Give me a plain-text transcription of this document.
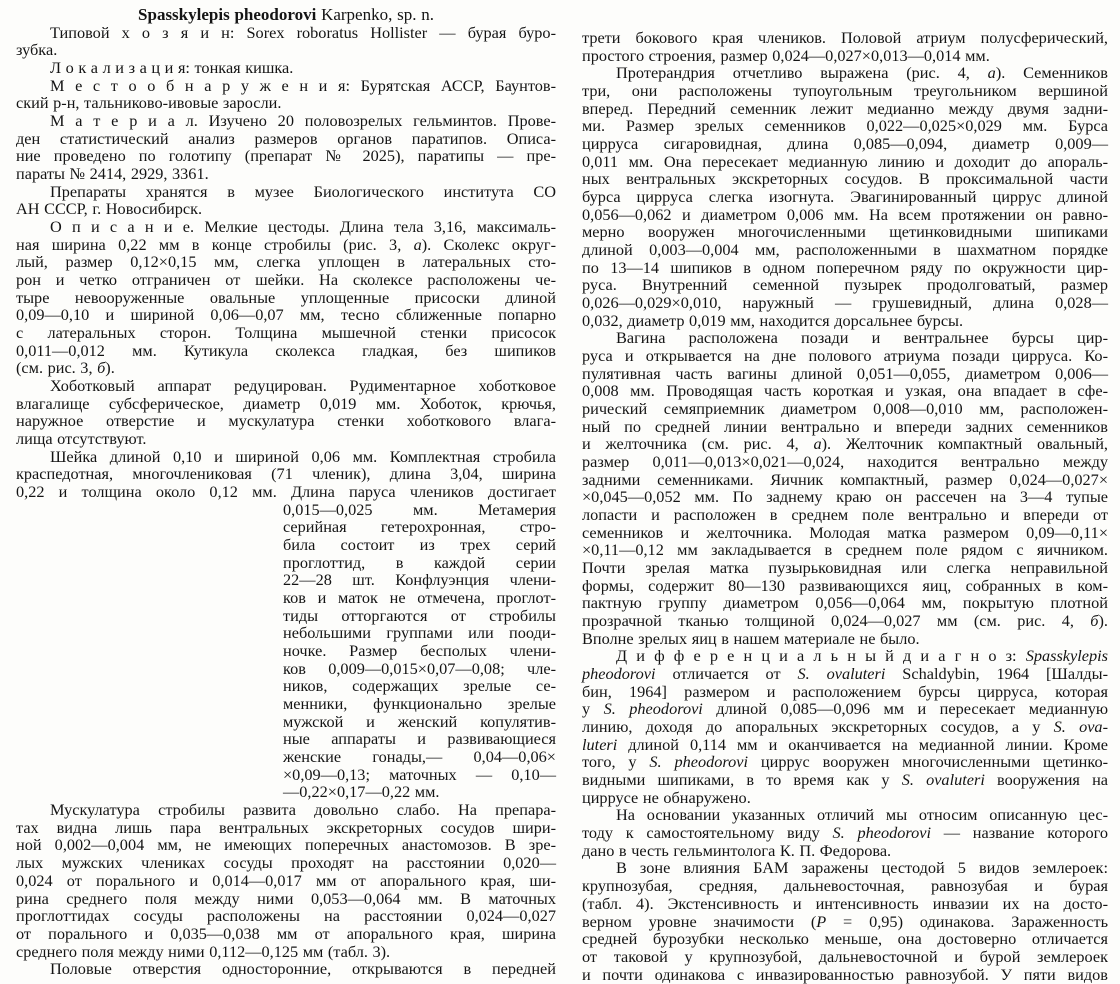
Spasskylepis pheodorovi Karpenko, sp. n.
Типовой х о з я и н: Sorex roboratus Hollister — бурая буро-
зубка.
Л о к а л и з а ц и я: тонкая кишка.
М е с т о о б н а р у ж е н и я: Бурятская АССР, Баунтов-
ский р-н, тальниково-ивовые заросли.
М а т е р и а л. Изучено 20 половозрелых гельминтов. Прове-
ден статистический анализ размеров органов паратипов. Описа-
ние проведено по голотипу (препарат № 2025), паратипы — пре-
параты № 2414, 2929, 3361.
Препараты хранятся в музее Биологического института СО
АН СССР, г. Новосибирск.
О п и с а н и е. Мелкие цестоды. Длина тела 3,16, максималь-
ная ширина 0,22 мм в конце стробилы (рис. 3, а). Сколекс округ-
лый, размер 0,12×0,15 мм, слегка уплощен в латеральных сто-
рон и четко отграничен от шейки. На сколексе расположены че-
тыре невооруженные овальные уплощенные присоски длиной
0,09—0,10 и шириной 0,06—0,07 мм, тесно сближенные попарно
с латеральных сторон. Толщина мышечной стенки присосок
0,011—0,012 мм. Кутикула сколекса гладкая, без шипиков
(см. рис. 3, б).
Хоботковый аппарат редуцирован. Рудиментарное хоботковое
влагалище субсферическое, диаметр 0,019 мм. Хоботок, крючья,
наружное отверстие и мускулатура стенки хоботкового влага-
лища отсутствуют.
Шейка длиной 0,10 и шириной 0,06 мм. Комплектная стробила
краспедотная, многочлениковая (71 членик), длина 3,04, ширина
0,22 и толщина около 0,12 мм. Длина паруса члеников достигает
0,015—0,025 мм. Метамерия
серийная гетерохронная, стро-
била состоит из трех серий
проглоттид, в каждой серии
22—28 шт. Конфлуэнция члени-
ков и маток не отмечена, проглот-
тиды отторгаются от стробилы
небольшими группами или пооди-
ночке. Размер бесполых члени-
ков 0,009—0,015×0,07—0,08; чле-
ников, содержащих зрелые се-
менники, функционально зрелые
мужской и женский копулятив-
ные аппараты и развивающиеся
женские гонады,— 0,04—0,06×
×0,09—0,13; маточных — 0,10—
—0,22×0,17—0,22 мм.
Мускулатура стробилы развита довольно слабо. На препара-
тах видна лишь пара вентральных экскреторных сосудов шири-
ной 0,002—0,004 мм, не имеющих поперечных анастомозов. В зре-
лых мужских члениках сосуды проходят на расстоянии 0,020—
0,024 от порального и 0,014—0,017 мм от апорального края, ши-
рина среднего поля между ними 0,053—0,064 мм. В маточных
проглоттидах сосуды расположены на расстоянии 0,024—0,027
от порального и 0,035—0,038 мм от апорального края, ширина
среднего поля между ними 0,112—0,125 мм (табл. 3).
Половые отверстия односторонние, открываются в передней
трети бокового края члеников. Половой атриум полусферический,
простого строения, размер 0,024—0,027×0,013—0,014 мм.
Протерандрия отчетливо выражена (рис. 4, а). Семенников
три, они расположены тупоугольным треугольником вершиной
вперед. Передний семенник лежит медианно между двумя задни-
ми. Размер зрелых семенников 0,022—0,025×0,029 мм. Бурса
цирруса сигаровидная, длина 0,085—0,094, диаметр 0,009—
0,011 мм. Она пересекает медианную линию и доходит до апораль-
ных вентральных экскреторных сосудов. В проксимальной части
бурса цирруса слегка изогнута. Эвагинированный циррус длиной
0,056—0,062 и диаметром 0,006 мм. На всем протяжении он равно-
мерно вооружен многочисленными щетинковидными шипиками
длиной 0,003—0,004 мм, расположенными в шахматном порядке
по 13—14 шипиков в одном поперечном ряду по окружности цир-
руса. Внутренний семенной пузырек продолговатый, размер
0,026—0,029×0,010, наружный — грушевидный, длина 0,028—
0,032, диаметр 0,019 мм, находится дорсальнее бурсы.
Вагина расположена позади и вентральнее бурсы цир-
руса и открывается на дне полового атриума позади цирруса. Ко-
пулятивная часть вагины длиной 0,051—0,055, диаметром 0,006—
0,008 мм. Проводящая часть короткая и узкая, она впадает в сфе-
рический семяприемник диаметром 0,008—0,010 мм, расположен-
ный по средней линии вентрально и впереди задних семенников
и желточника (см. рис. 4, а). Желточник компактный овальный,
размер 0,011—0,013×0,021—0,024, находится вентрально между
задними семенниками. Яичник компактный, размер 0,024—0,027×
×0,045—0,052 мм. По заднему краю он рассечен на 3—4 тупые
лопасти и расположен в среднем поле вентрально и впереди от
семенников и желточника. Молодая матка размером 0,09—0,11×
×0,11—0,12 мм закладывается в среднем поле рядом с яичником.
Почти зрелая матка пузырьковидная или слегка неправильной
формы, содержит 80—130 развивающихся яиц, собранных в ком-
пактную группу диаметром 0,056—0,064 мм, покрытую плотной
прозрачной тканью толщиной 0,024—0,027 мм (см. рис. 4, б).
Вполне зрелых яиц в нашем материале не было.
Д и ф ф е р е н ц и а л ь н ы й д и а г н о з: Spasskylepis
pheodorovi отличается от S. ovaluteri Schaldybin, 1964 [Шалды-
бин, 1964] размером и расположением бурсы цирруса, которая
у S. pheodorovi длиной 0,085—0,096 мм и пересекает медианную
линию, доходя до апоральных экскреторных сосудов, а у S. ova-
luteri длиной 0,114 мм и оканчивается на медианной линии. Кроме
того, у S. pheodorovi циррус вооружен многочисленными щетинко-
видными шипиками, в то время как у S. ovaluteri вооружения на
циррусе не обнаружено.
На основании указанных отличий мы относим описанную цес-
тоду к самостоятельному виду S. pheodorovi — название которого
дано в честь гельминтолога К. П. Федорова.
В зоне влияния БАМ заражены цестодой 5 видов землероек:
крупнозубая, средняя, дальневосточная, равнозубая и бурая
(табл. 4). Экстенсивность и интенсивность инвазии их на досто-
верном уровне значимости (P = 0,95) одинакова. Зараженность
средней бурозубки несколько меньше, она достоверно отличается
от таковой у крупнозубой, дальневосточной и бурой землероек
и почти одинакова с инвазированностью равнозубой. У пяти видов
